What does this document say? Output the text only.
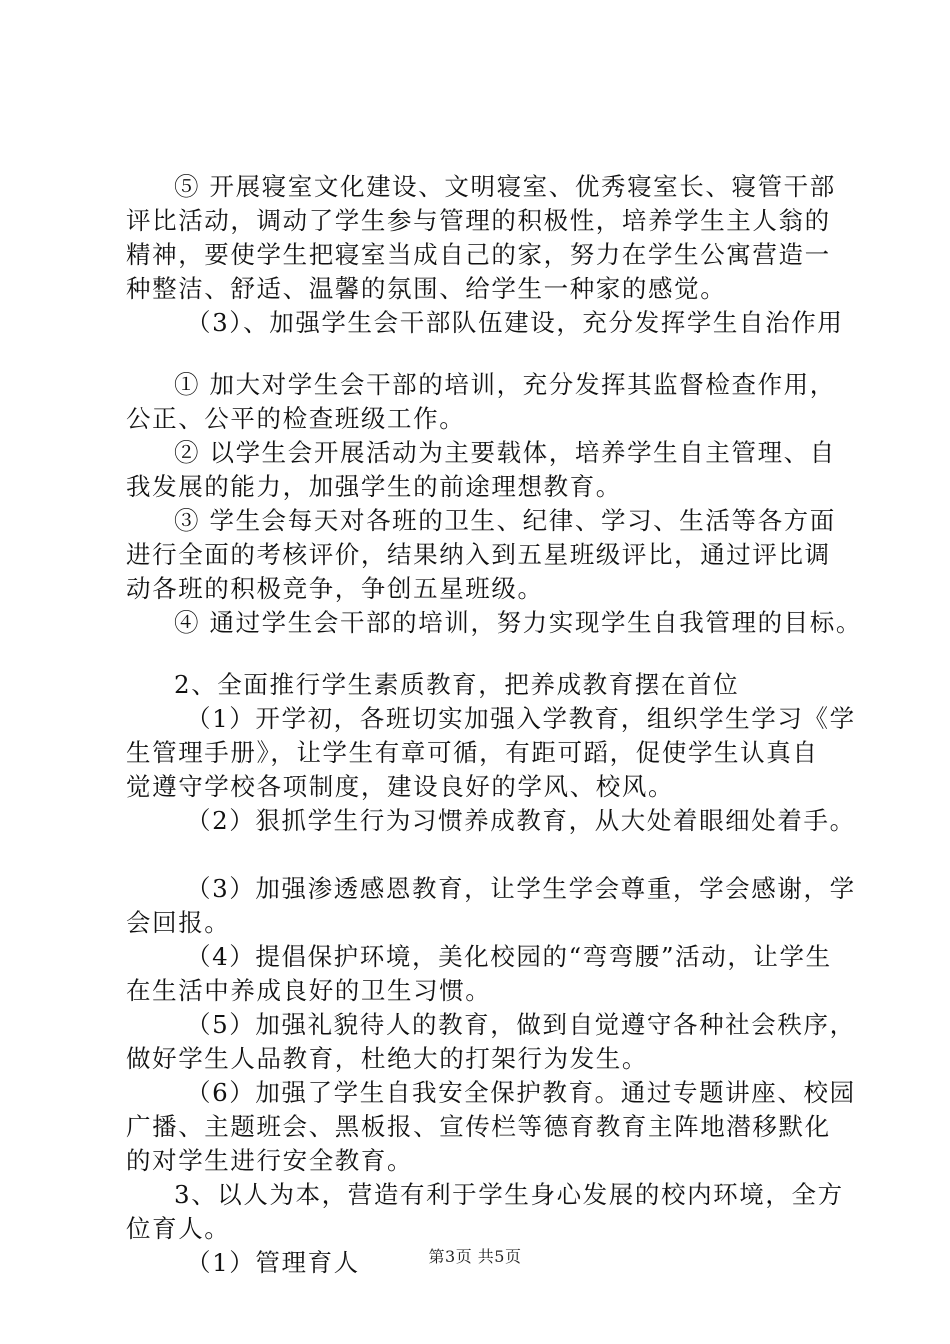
⑤ 开展寝室文化建设、文明寝室、优秀寝室长、寝管干部
评比活动，调动了学生参与管理的积极性，培养学生主人翁的
精神，要使学生把寝室当成自己的家，努力在学生公寓营造一
种整洁、舒适、温馨的氛围、给学生一种家的感觉。
（3）、加强学生会干部队伍建设，充分发挥学生自治作用
① 加大对学生会干部的培训，充分发挥其监督检查作用，
公正、公平的检查班级工作。
② 以学生会开展活动为主要载体，培养学生自主管理、自
我发展的能力，加强学生的前途理想教育。
③ 学生会每天对各班的卫生、纪律、学习、生活等各方面
进行全面的考核评价，结果纳入到五星班级评比，通过评比调
动各班的积极竞争，争创五星班级。
④ 通过学生会干部的培训，努力实现学生自我管理的目标。
2、全面推行学生素质教育，把养成教育摆在首位
（1）开学初，各班切实加强入学教育，组织学生学习《学
生管理手册》，让学生有章可循，有距可蹈，促使学生认真自
觉遵守学校各项制度，建设良好的学风、校风。
（2）狠抓学生行为习惯养成教育，从大处着眼细处着手。
（3）加强渗透感恩教育，让学生学会尊重，学会感谢，学
会回报。
（4）提倡保护环境，美化校园的“弯弯腰”活动，让学生
在生活中养成良好的卫生习惯。
（5）加强礼貌待人的教育，做到自觉遵守各种社会秩序，
做好学生人品教育，杜绝大的打架行为发生。
（6）加强了学生自我安全保护教育。通过专题讲座、校园
广播、主题班会、黑板报、宣传栏等德育教育主阵地潜移默化
的对学生进行安全教育。
3、以人为本，营造有利于学生身心发展的校内环境，全方
位育人。
（1）管理育人	第3页 共5页
